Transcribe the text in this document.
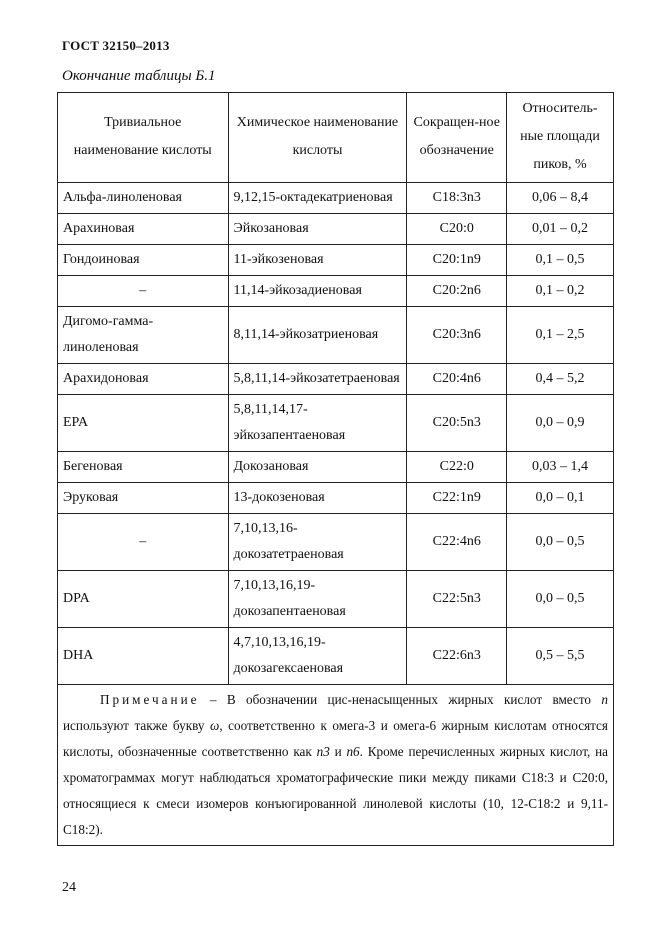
ГОСТ 32150–2013
Окончание таблицы Б.1
Тривиальное наименование кислоты	Химическое наименование кислоты	Сокращен-ное обозначение	Относитель-ные площади пиков, %
Альфа-линоленовая	9,12,15-октадекатриеновая	C18:3n3	0,06 – 8,4
Арахиновая	Эйкозановая	C20:0	0,01 – 0,2
Гондоиновая	11-эйкозеновая	C20:1n9	0,1 – 0,5
–	11,14-эйкозадиеновая	C20:2n6	0,1 – 0,2
Дигомо-гамма-линоленовая	8,11,14-эйкозатриеновая	C20:3n6	0,1 – 2,5
Арахидоновая	5,8,11,14-эйкозатетраеновая	C20:4n6	0,4 – 5,2
EPA	5,8,11,14,17-эйкозапентаеновая	C20:5n3	0,0 – 0,9
Бегеновая	Докозановая	C22:0	0,03 – 1,4
Эруковая	13-докозеновая	C22:1n9	0,0 – 0,1
–	7,10,13,16-докозатетраеновая	C22:4n6	0,0 – 0,5
DPA	7,10,13,16,19-докозапентаеновая	C22:5n3	0,0 – 0,5
DHA	4,7,10,13,16,19-докозагексаеновая	C22:6n3	0,5 – 5,5
Примечание – В обозначении цис-ненасыщенных жирных кислот вместо n используют также букву ω, соответственно к омега-3 и омега-6 жирным кислотам относятся кислоты, обозначенные соответственно как n3 и n6. Кроме перечисленных жирных кислот, на хроматограммах могут наблюдаться хроматографические пики между пиками C18:3 и C20:0, относящиеся к смеси изомеров конъюгированной линолевой кислоты (10, 12-C18:2 и 9,11-C18:2).			
24
